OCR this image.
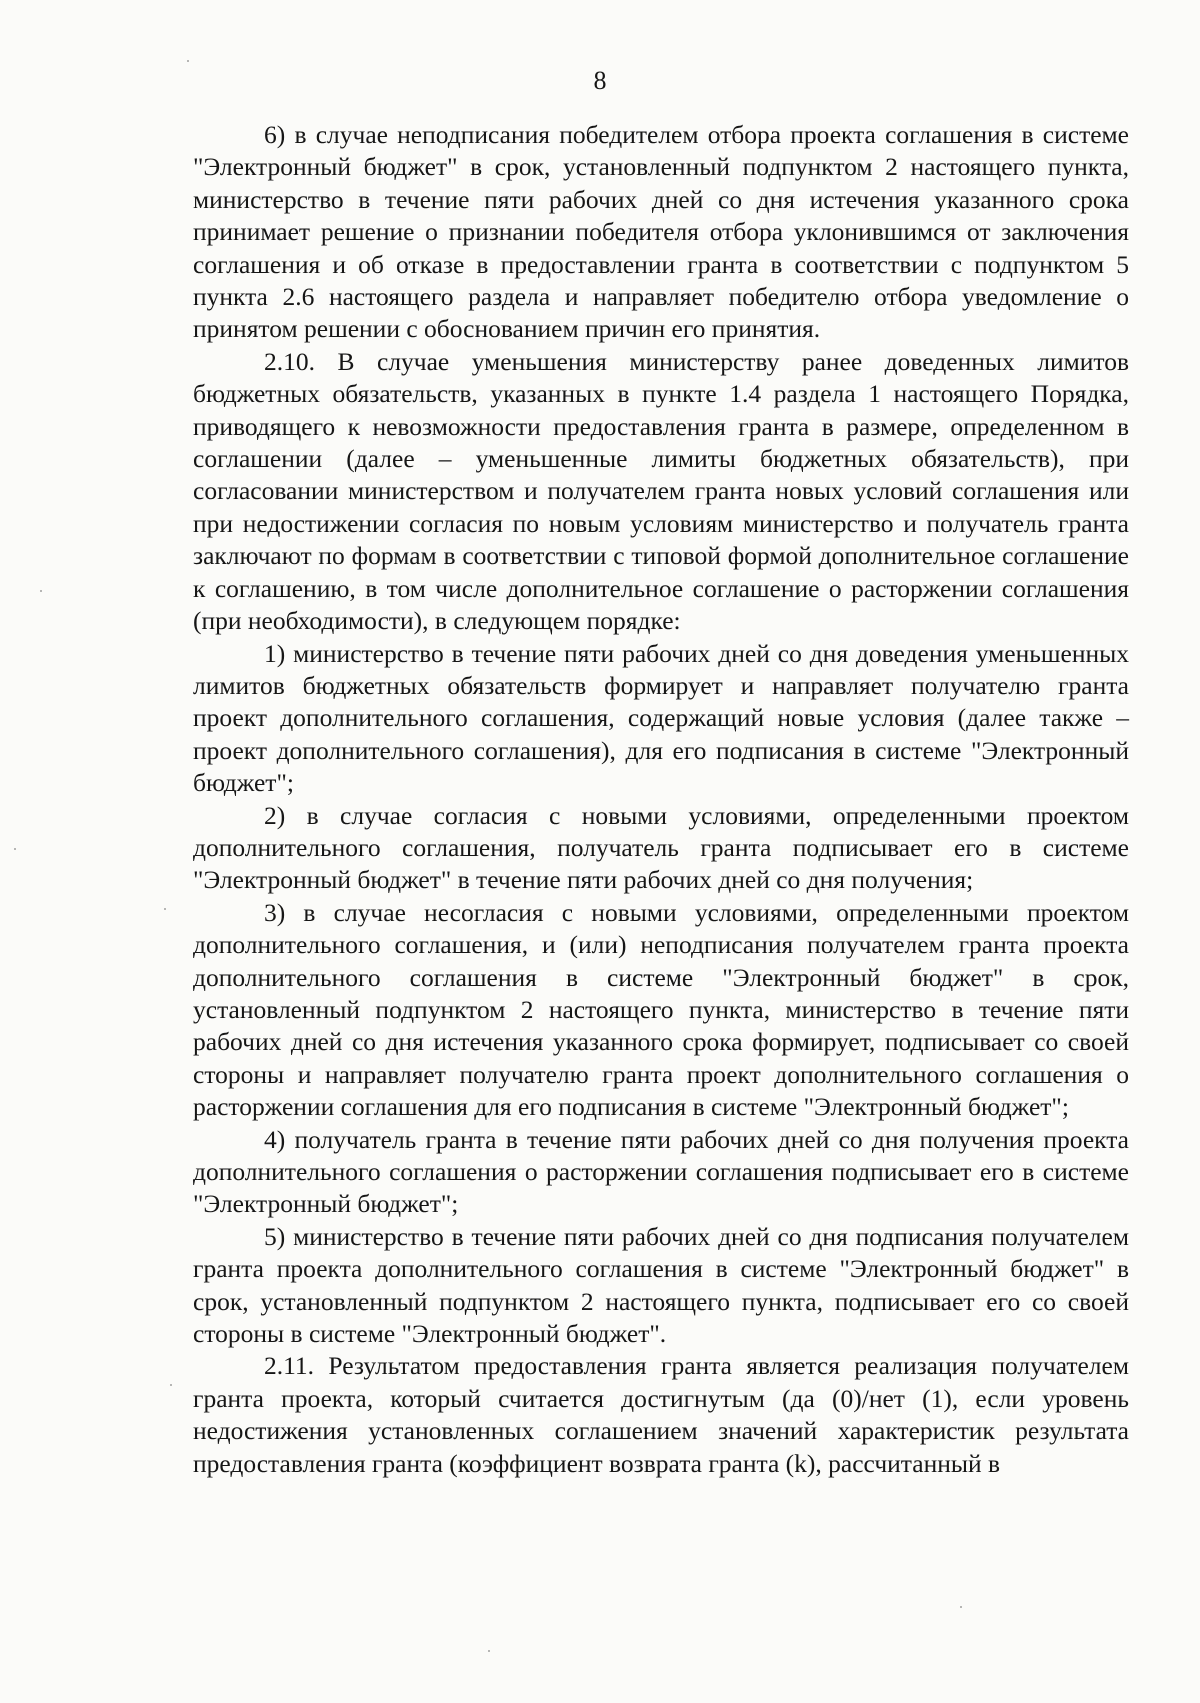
8

6) в случае неподписания победителем отбора проекта соглашения в системе "Электронный бюджет" в срок, установленный подпунктом 2 настоящего пункта, министерство в течение пяти рабочих дней со дня истечения указанного срока принимает решение о признании победителя отбора уклонившимся от заключения соглашения и об отказе в предоставлении гранта в соответствии с подпунктом 5 пункта 2.6 настоящего раздела и направляет победителю отбора уведомление о принятом решении с обоснованием причин его принятия.

2.10. В случае уменьшения министерству ранее доведенных лимитов бюджетных обязательств, указанных в пункте 1.4 раздела 1 настоящего Порядка, приводящего к невозможности предоставления гранта в размере, определенном в соглашении (далее – уменьшенные лимиты бюджетных обязательств), при согласовании министерством и получателем гранта новых условий соглашения или при недостижении согласия по новым условиям министерство и получатель гранта заключают по формам в соответствии с типовой формой дополнительное соглашение к соглашению, в том числе дополнительное соглашение о расторжении соглашения (при необходимости), в следующем порядке:

1) министерство в течение пяти рабочих дней со дня доведения уменьшенных лимитов бюджетных обязательств формирует и направляет получателю гранта проект дополнительного соглашения, содержащий новые условия (далее также – проект дополнительного соглашения), для его подписания в системе "Электронный бюджет";

2) в случае согласия с новыми условиями, определенными проектом дополнительного соглашения, получатель гранта подписывает его в системе "Электронный бюджет" в течение пяти рабочих дней со дня получения;

3) в случае несогласия с новыми условиями, определенными проектом дополнительного соглашения, и (или) неподписания получателем гранта проекта дополнительного соглашения в системе "Электронный бюджет" в срок, установленный подпунктом 2 настоящего пункта, министерство в течение пяти рабочих дней со дня истечения указанного срока формирует, подписывает со своей стороны и направляет получателю гранта проект дополнительного соглашения о расторжении соглашения для его подписания в системе "Электронный бюджет";

4) получатель гранта в течение пяти рабочих дней со дня получения проекта дополнительного соглашения о расторжении соглашения подписывает его в системе "Электронный бюджет";

5) министерство в течение пяти рабочих дней со дня подписания получателем гранта проекта дополнительного соглашения в системе "Электронный бюджет" в срок, установленный подпунктом 2 настоящего пункта, подписывает его со своей стороны в системе "Электронный бюджет".

2.11. Результатом предоставления гранта является реализация получателем гранта проекта, который считается достигнутым (да (0)/нет (1), если уровень недостижения установленных соглашением значений характеристик результата предоставления гранта (коэффициент возврата гранта (k), рассчитанный в
